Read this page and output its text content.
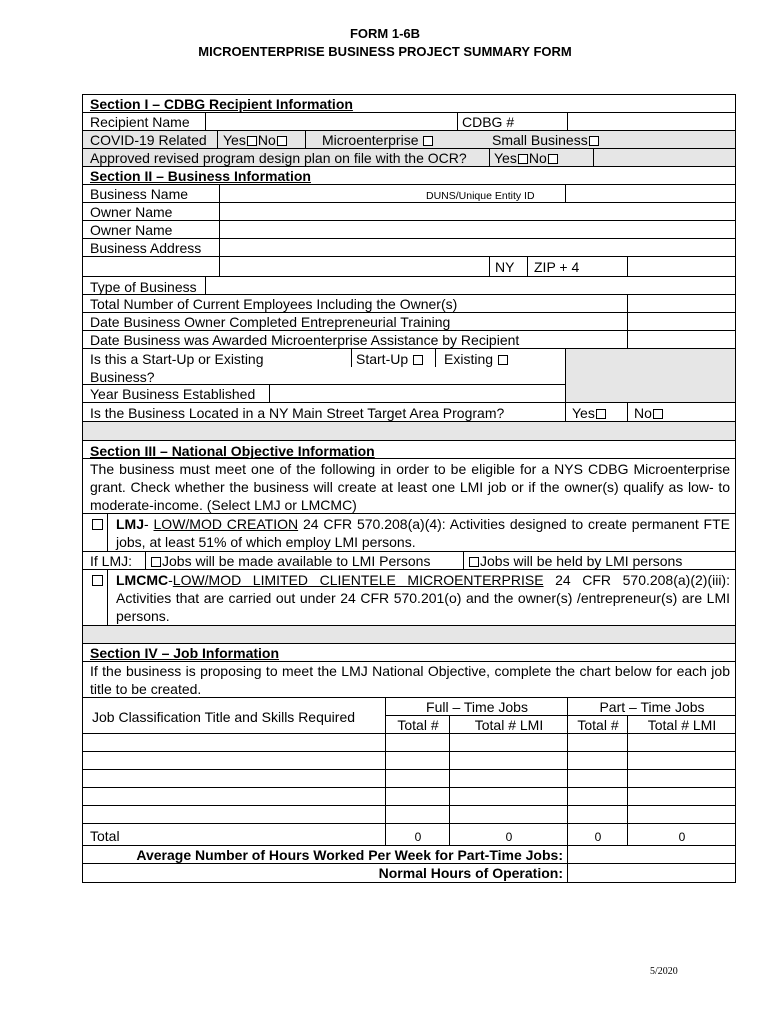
FORM 1-6B
MICROENTERPRISE BUSINESS PROJECT SUMMARY FORM
Section I – CDBG Recipient Information
Recipient Name	CDBG #
COVID-19 Related Yes No	Microenterprise	Small Business
Approved revised program design plan on file with the OCR? Yes No
Section II – Business Information
Business Name	DUNS/Unique Entity ID
Owner Name
Owner Name
Business Address
NY ZIP + 4
Type of Business
Total Number of Current Employees Including the Owner(s)
Date Business Owner Completed Entrepreneurial Training
Date Business was Awarded Microenterprise Assistance by Recipient
Is this a Start-Up or Existing
Business?
Start-Up	Existing
Year Business Established
Is the Business Located in a NY Main Street Target Area Program?	Yes	No
Section III – National Objective Information
The business must meet one of the following in order to be eligible for a NYS CDBG Microenterprise grant. Check whether the business will create at least one LMI job or if the owner(s) qualify as low- to moderate-income. (Select LMJ or LMCMC)
LMJ- LOW/MOD CREATION 24 CFR 570.208(a)(4): Activities designed to create permanent FTE jobs, at least 51% of which employ LMI persons.
If LMJ:	Jobs will be made available to LMI Persons	Jobs will be held by LMI persons
LMCMC-LOW/MOD LIMITED CLIENTELE MICROENTERPRISE 24 CFR 570.208(a)(2)(iii): Activities that are carried out under 24 CFR 570.201(o) and the owner(s) /entrepreneur(s) are LMI persons.
Section IV – Job Information
If the business is proposing to meet the LMJ National Objective, complete the chart below for each job title to be created.
Job Classification Title and Skills Required
Full – Time Jobs	Part – Time Jobs
Total #	Total # LMI	Total #	Total # LMI
Total	0	0	0	0
Average Number of Hours Worked Per Week for Part-Time Jobs:
Normal Hours of Operation:
5/2020
